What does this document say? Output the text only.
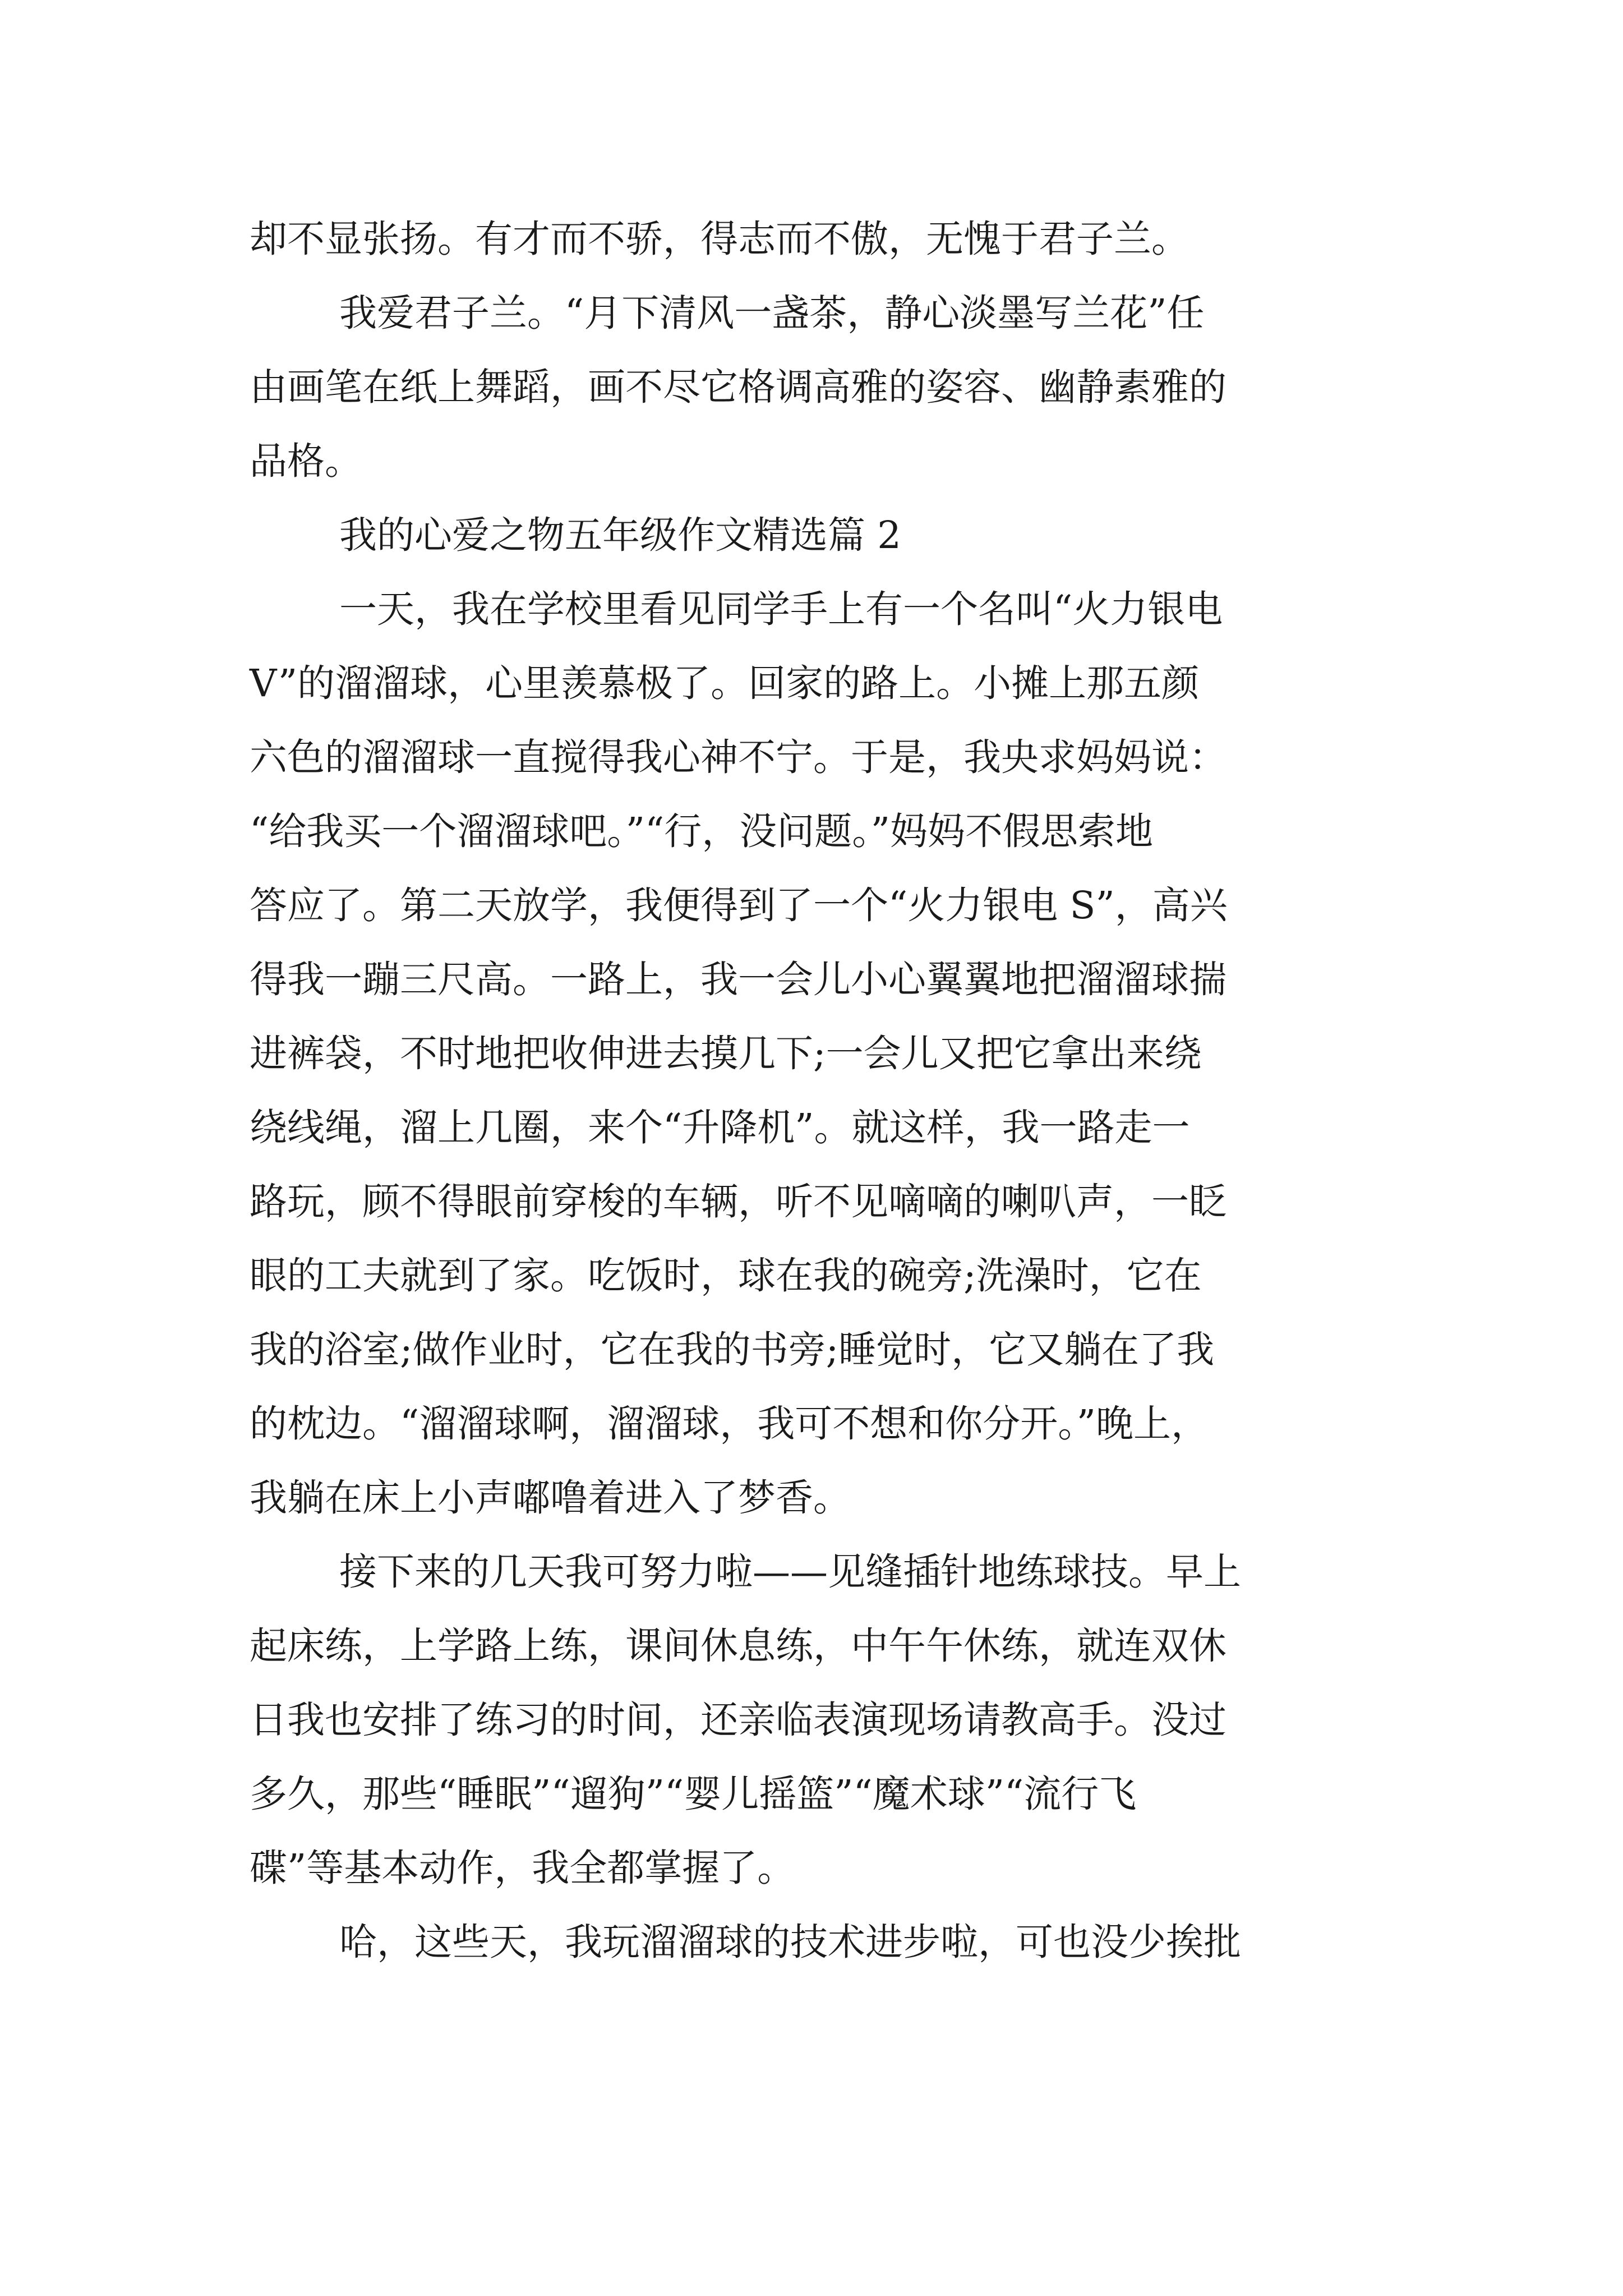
却不显张扬。有才而不骄，得志而不傲，无愧于君子兰。
我爱君子兰。“月下清风一盏茶，静心淡墨写兰花”任
由画笔在纸上舞蹈，画不尽它格调高雅的姿容、幽静素雅的
品格。
我的心爱之物五年级作文精选篇 2
一天，我在学校里看见同学手上有一个名叫“火力银电
V”的溜溜球，心里羡慕极了。回家的路上。小摊上那五颜
六色的溜溜球一直搅得我心神不宁。于是，我央求妈妈说：
“给我买一个溜溜球吧。”“行，没问题。”妈妈不假思索地
答应了。第二天放学，我便得到了一个“火力银电 S”，高兴
得我一蹦三尺高。一路上，我一会儿小心翼翼地把溜溜球揣
进裤袋，不时地把收伸进去摸几下;一会儿又把它拿出来绕
绕线绳，溜上几圈，来个“升降机”。就这样，我一路走一
路玩，顾不得眼前穿梭的车辆，听不见嘀嘀的喇叭声，一眨
眼的工夫就到了家。吃饭时，球在我的碗旁;洗澡时，它在
我的浴室;做作业时，它在我的书旁;睡觉时，它又躺在了我
的枕边。“溜溜球啊，溜溜球，我可不想和你分开。”晚上，
我躺在床上小声嘟噜着进入了梦香。
接下来的几天我可努力啦——见缝插针地练球技。早上
起床练，上学路上练，课间休息练，中午午休练，就连双休
日我也安排了练习的时间，还亲临表演现场请教高手。没过
多久，那些“睡眠”“遛狗”“婴儿摇篮”“魔术球”“流行飞
碟”等基本动作，我全都掌握了。
哈，这些天，我玩溜溜球的技术进步啦，可也没少挨批
